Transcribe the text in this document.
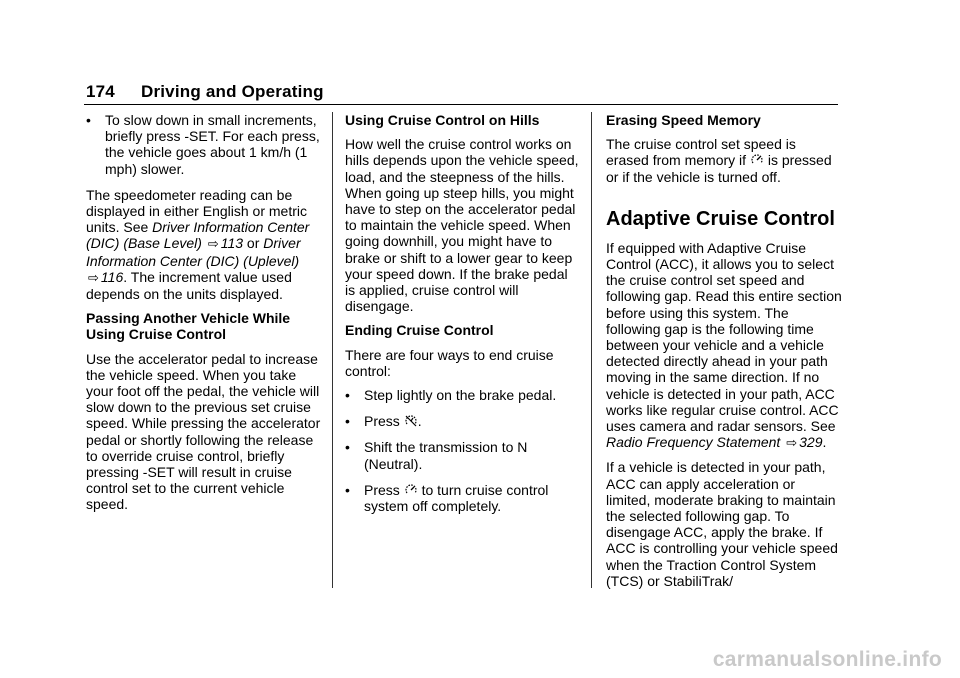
174 Driving and Operating
• To slow down in small increments, briefly press -SET. For each press, the vehicle goes about 1 km/h (1 mph) slower.

The speedometer reading can be displayed in either English or metric units. See Driver Information Center (DIC) (Base Level) ⇨ 113 or Driver Information Center (DIC) (Uplevel) ⇨ 116. The increment value used depends on the units displayed.

Passing Another Vehicle While Using Cruise Control

Use the accelerator pedal to increase the vehicle speed. When you take your foot off the pedal, the vehicle will slow down to the previous set cruise speed. While pressing the accelerator pedal or shortly following the release to override cruise control, briefly pressing -SET will result in cruise control set to the current vehicle speed.

Using Cruise Control on Hills

How well the cruise control works on hills depends upon the vehicle speed, load, and the steepness of the hills. When going up steep hills, you might have to step on the accelerator pedal to maintain the vehicle speed. When going downhill, you might have to brake or shift to a lower gear to keep your speed down. If the brake pedal is applied, cruise control will disengage.

Ending Cruise Control

There are four ways to end cruise control:

• Step lightly on the brake pedal.
• Press .
• Shift the transmission to N (Neutral).
• Press  to turn cruise control system off completely.
Erasing Speed Memory

The cruise control set speed is erased from memory if  is pressed or if the vehicle is turned off.

Adaptive Cruise Control

If equipped with Adaptive Cruise Control (ACC), it allows you to select the cruise control set speed and following gap. Read this entire section before using this system. The following gap is the following time between your vehicle and a vehicle detected directly ahead in your path moving in the same direction. If no vehicle is detected in your path, ACC works like regular cruise control. ACC uses camera and radar sensors. See Radio Frequency Statement ⇨ 329.

If a vehicle is detected in your path, ACC can apply acceleration or limited, moderate braking to maintain the selected following gap. To disengage ACC, apply the brake. If ACC is controlling your vehicle speed when the Traction Control System (TCS) or StabiliTrak/

carmanualsonline.info
